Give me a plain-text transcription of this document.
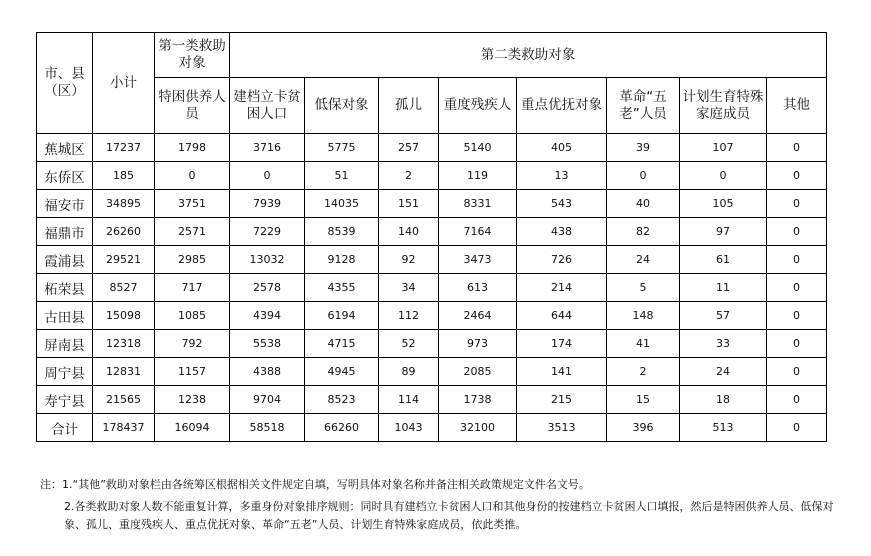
市、县（区）	小计	第一类救助对象	第二类救助对象							
		特困供养人员	建档立卡贫困人口	低保对象	孤儿	重度残疾人	重点优抚对象	革命“五老”人员	计划生育特殊家庭成员	其他
蕉城区	17237	1798	3716	5775	257	5140	405	39	107	0
东侨区	185	0	0	51	2	119	13	0	0	0
福安市	34895	3751	7939	14035	151	8331	543	40	105	0
福鼎市	26260	2571	7229	8539	140	7164	438	82	97	0
霞浦县	29521	2985	13032	9128	92	3473	726	24	61	0
柘荣县	8527	717	2578	4355	34	613	214	5	11	0
古田县	15098	1085	4394	6194	112	2464	644	148	57	0
屏南县	12318	792	5538	4715	52	973	174	41	33	0
周宁县	12831	1157	4388	4945	89	2085	141	2	24	0
寿宁县	21565	1238	9704	8523	114	1738	215	15	18	0
合计	178437	16094	58518	66260	1043	32100	3513	396	513	0
注：1.“其他”救助对象栏由各统筹区根据相关文件规定自填，写明具体对象名称并备注相关政策规定文件名文号。
2.各类救助对象人数不能重复计算，多重身份对象排序规则：同时具有建档立卡贫困人口和其他身份的按建档立卡贫困人口填报，然后是特困供养人员、低保对象、孤儿、重度残疾人、重点优抚对象、革命“五老”人员、计划生育特殊家庭成员，依此类推。
